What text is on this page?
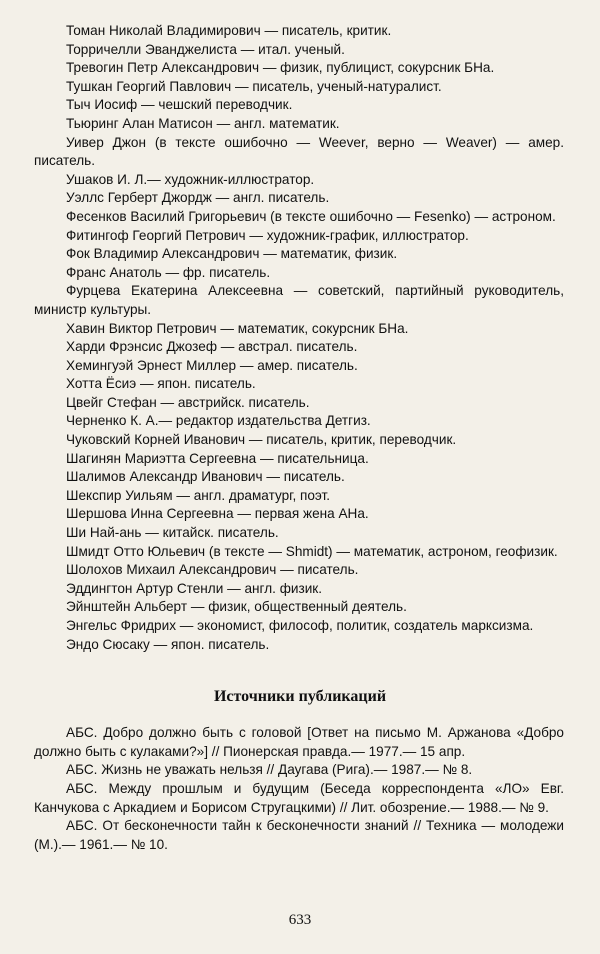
Томан Николай Владимирович — писатель, критик.

Торричелли Эванджелиста — итал. ученый.

Тревогин Петр Александрович — физик, публицист, сокурсник БНа.

Тушкан Георгий Павлович — писатель, ученый-натуралист.

Тыч Иосиф — чешский переводчик.

Тьюринг Алан Матисон — англ. математик.

Уивер Джон (в тексте ошибочно — Weever, верно — Weaver) — амер. писатель.

Ушаков И. Л.— художник-иллюстратор.

Уэллс Герберт Джордж — англ. писатель.

Фесенков Василий Григорьевич (в тексте ошибочно — Fesenko) — астроном.

Фитингоф Георгий Петрович — художник-график, иллюстратор.

Фок Владимир Александрович — математик, физик.

Франс Анатоль — фр. писатель.

Фурцева Екатерина Алексеевна — советский, партийный руководитель, министр культуры.

Хавин Виктор Петрович — математик, сокурсник БНа.

Харди Фрэнсис Джозеф — австрал. писатель.

Хемингуэй Эрнест Миллер — амер. писатель.

Хотта Ёсиэ — япон. писатель.

Цвейг Стефан — австрийск. писатель.

Черненко К. А.— редактор издательства Детгиз.

Чуковский Корней Иванович — писатель, критик, переводчик.

Шагинян Мариэтта Сергеевна — писательница.

Шалимов Александр Иванович — писатель.

Шекспир Уильям — англ. драматург, поэт.

Шершова Инна Сергеевна — первая жена АНа.

Ши Най-ань — китайск. писатель.

Шмидт Отто Юльевич (в тексте — Shmidt) — математик, астроном, геофизик.

Шолохов Михаил Александрович — писатель.

Эддингтон Артур Стенли — англ. физик.

Эйнштейн Альберт — физик, общественный деятель.

Энгельс Фридрих — экономист, философ, политик, создатель марксизма.

Эндо Сюсаку — япон. писатель.

Источники публикаций

АБС. Добро должно быть с головой [Ответ на письмо М. Аржанова «Добро должно быть с кулаками?»] // Пионерская правда.— 1977.— 15 апр.

АБС. Жизнь не уважать нельзя // Даугава (Рига).— 1987.— № 8.

АБС. Между прошлым и будущим (Беседа корреспондента «ЛО» Евг. Канчукова с Аркадием и Борисом Стругацкими) // Лит. обозрение.— 1988.— № 9.

АБС. От бесконечности тайн к бесконечности знаний // Техника — молодежи (М.).— 1961.— № 10.

633
